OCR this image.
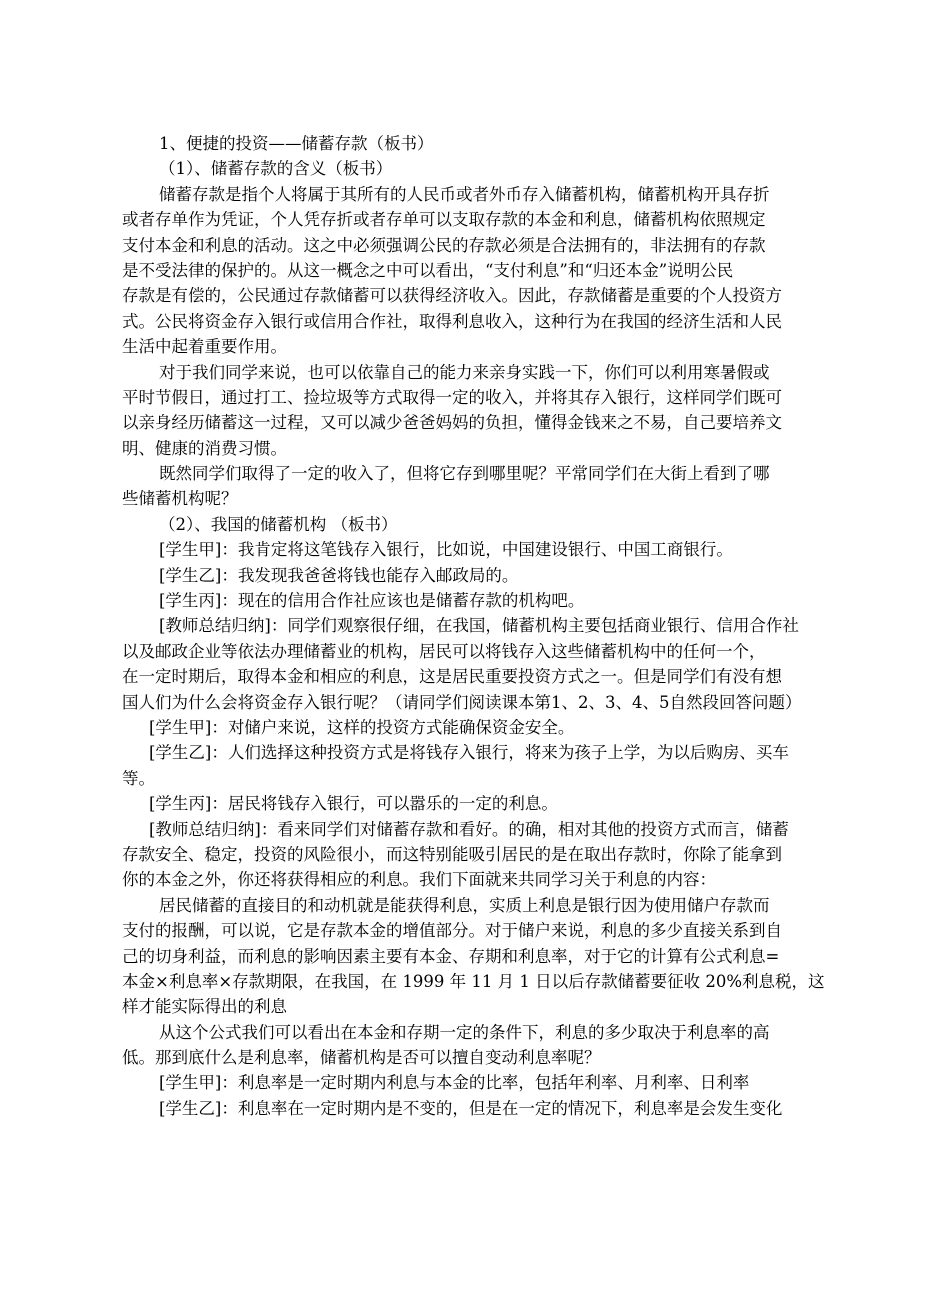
1、便捷的投资——储蓄存款（板书）
（1）、储蓄存款的含义（板书）
储蓄存款是指个人将属于其所有的人民币或者外币存入储蓄机构，储蓄机构开具存折
或者存单作为凭证，个人凭存折或者存单可以支取存款的本金和利息，储蓄机构依照规定
支付本金和利息的活动。这之中必须强调公民的存款必须是合法拥有的，非法拥有的存款
是不受法律的保护的。从这一概念之中可以看出，“支付利息”和“归还本金”说明公民
存款是有偿的，公民通过存款储蓄可以获得经济收入。因此，存款储蓄是重要的个人投资方
式。公民将资金存入银行或信用合作社，取得利息收入，这种行为在我国的经济生活和人民
生活中起着重要作用。
对于我们同学来说，也可以依靠自己的能力来亲身实践一下，你们可以利用寒暑假或
平时节假日，通过打工、捡垃圾等方式取得一定的收入，并将其存入银行，这样同学们既可
以亲身经历储蓄这一过程，又可以减少爸爸妈妈的负担，懂得金钱来之不易，自己要培养文
明、健康的消费习惯。
既然同学们取得了一定的收入了，但将它存到哪里呢？平常同学们在大街上看到了哪
些储蓄机构呢？
（2）、我国的储蓄机构 （板书）
[学生甲]：我肯定将这笔钱存入银行，比如说，中国建设银行、中国工商银行。
[学生乙]：我发现我爸爸将钱也能存入邮政局的。
[学生丙]：现在的信用合作社应该也是储蓄存款的机构吧。
[教师总结归纳]：同学们观察很仔细，在我国，储蓄机构主要包括商业银行、信用合作社
以及邮政企业等依法办理储蓄业的机构，居民可以将钱存入这些储蓄机构中的任何一个，
在一定时期后，取得本金和相应的利息，这是居民重要投资方式之一。但是同学们有没有想
国人们为什么会将资金存入银行呢？（请同学们阅读课本第1、2、3、4、5自然段回答问题）
[学生甲]：对储户来说，这样的投资方式能确保资金安全。
[学生乙]：人们选择这种投资方式是将钱存入银行，将来为孩子上学，为以后购房、买车
等。
[学生丙]：居民将钱存入银行，可以嚣乐的一定的利息。
[教师总结归纳]：看来同学们对储蓄存款和看好。的确，相对其他的投资方式而言，储蓄
存款安全、稳定，投资的风险很小，而这特别能吸引居民的是在取出存款时，你除了能拿到
你的本金之外，你还将获得相应的利息。我们下面就来共同学习关于利息的内容：
居民储蓄的直接目的和动机就是能获得利息，实质上利息是银行因为使用储户存款而
支付的报酬，可以说，它是存款本金的增值部分。对于储户来说，利息的多少直接关系到自
己的切身利益，而利息的影响因素主要有本金、存期和利息率，对于它的计算有公式利息=
本金×利息率×存款期限，在我国，在 1999 年 11 月 1 日以后存款储蓄要征收 20%利息税，这
样才能实际得出的利息
从这个公式我们可以看出在本金和存期一定的条件下，利息的多少取决于利息率的高
低。那到底什么是利息率，储蓄机构是否可以擅自变动利息率呢？
[学生甲]：利息率是一定时期内利息与本金的比率，包括年利率、月利率、日利率
[学生乙]：利息率在一定时期内是不变的，但是在一定的情况下，利息率是会发生变化
